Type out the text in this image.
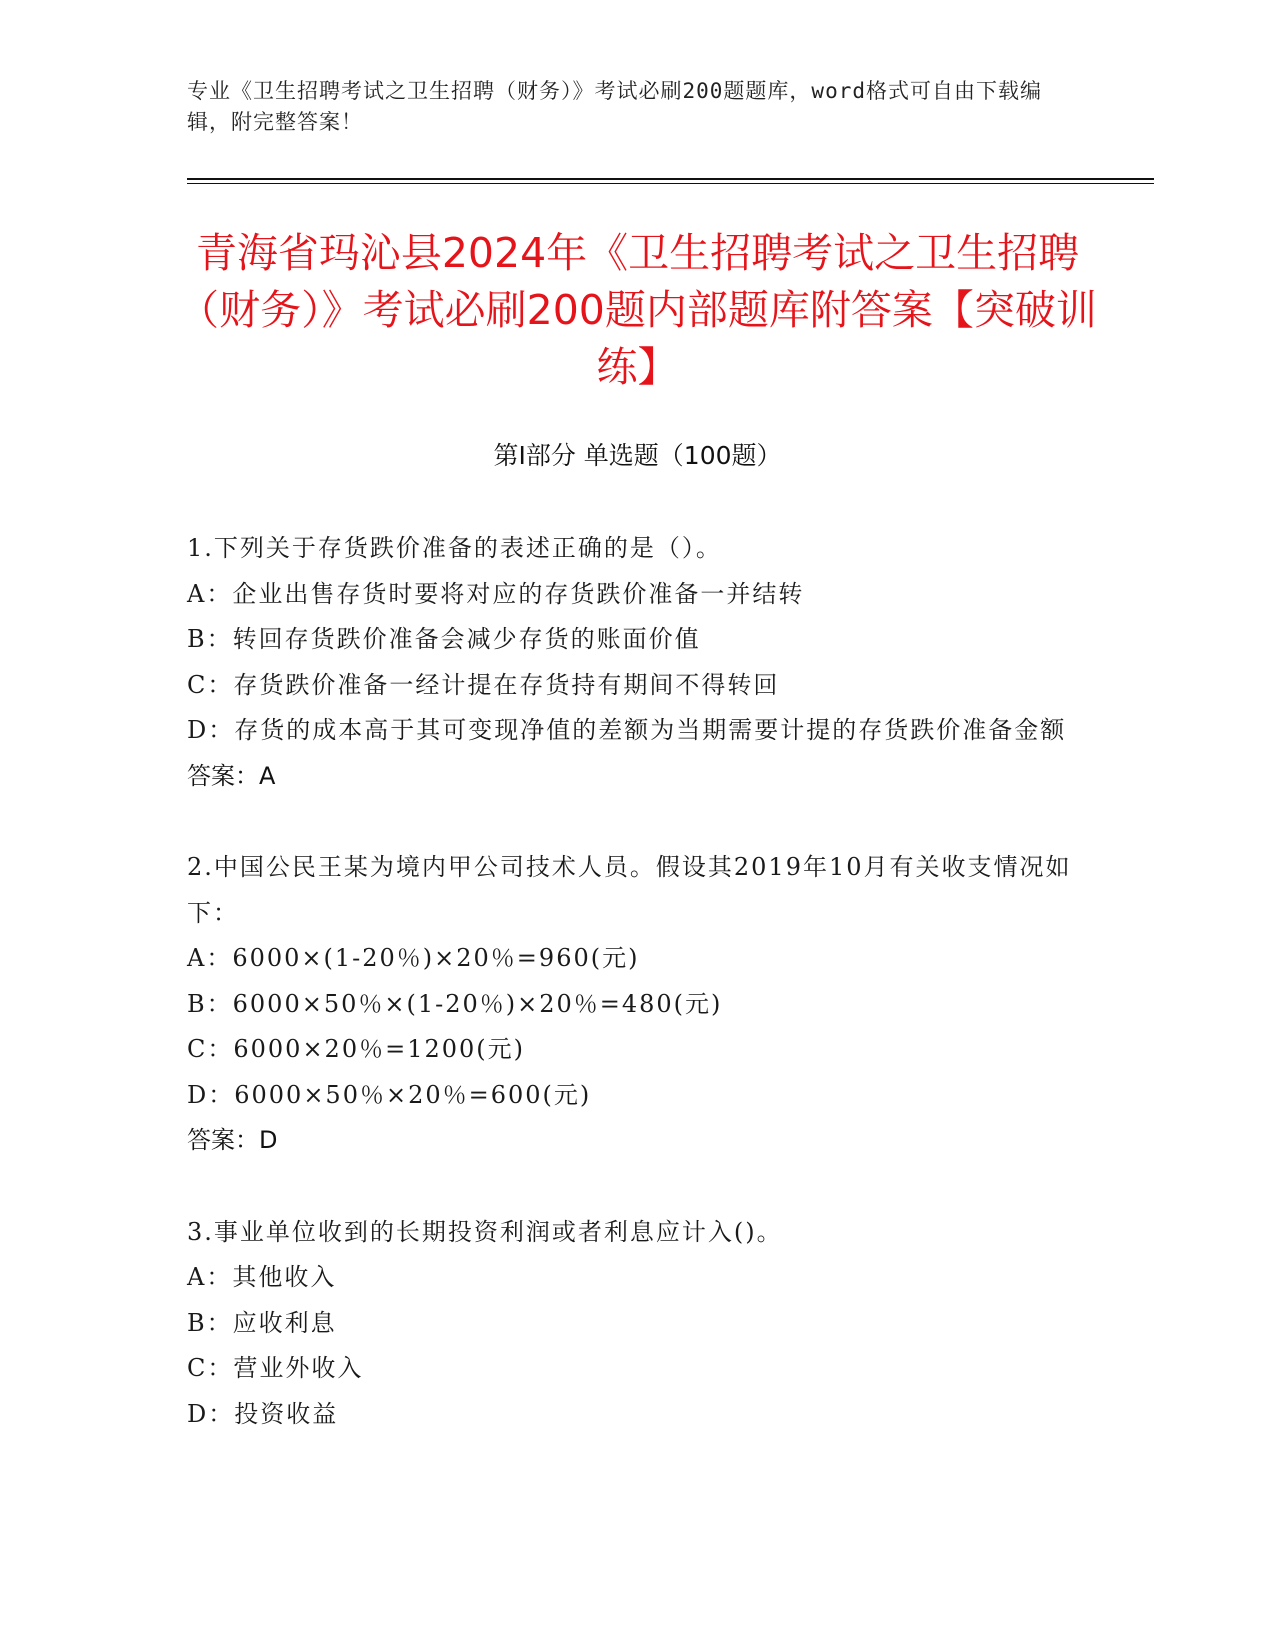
专业《卫生招聘考试之卫生招聘（财务）》考试必刷200题题库，word格式可自由下载编辑，附完整答案！
青海省玛沁县2024年《卫生招聘考试之卫生招聘（财务）》考试必刷200题内部题库附答案【突破训练】
第I部分 单选题（100题）
1.下列关于存货跌价准备的表述正确的是（）。
A：企业出售存货时要将对应的存货跌价准备一并结转
B：转回存货跌价准备会减少存货的账面价值
C：存货跌价准备一经计提在存货持有期间不得转回
D：存货的成本高于其可变现净值的差额为当期需要计提的存货跌价准备金额
答案：A
2.中国公民王某为境内甲公司技术人员。假设其2019年10月有关收支情况如下：
A：6000×(1-20％)×20％=960(元)
B：6000×50％×(1-20％)×20％=480(元)
C：6000×20％=1200(元)
D：6000×50％×20％=600(元)
答案：D
3.事业单位收到的长期投资利润或者利息应计入()。
A：其他收入
B：应收利息
C：营业外收入
D：投资收益
